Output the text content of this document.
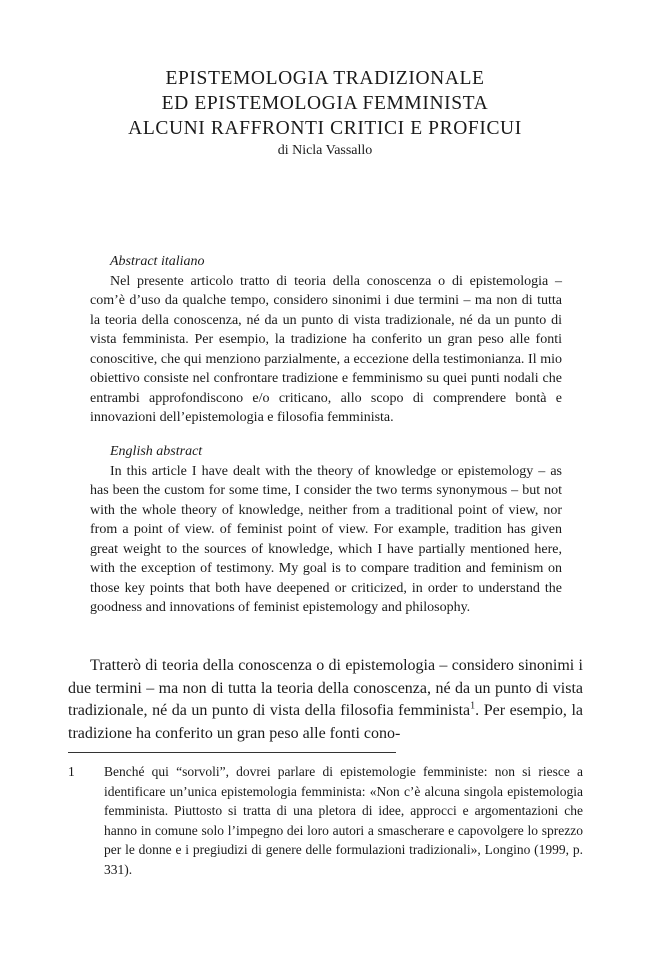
EPISTEMOLOGIA TRADIZIONALE
ED EPISTEMOLOGIA FEMMINISTA
ALCUNI RAFFRONTI CRITICI E PROFICUI
di Nicla Vassallo
Abstract italiano

Nel presente articolo tratto di teoria della conoscenza o di epistemologia – com’è d’uso da qualche tempo, considero sinonimi i due termini – ma non di tutta la teoria della conoscenza, né da un punto di vista tradizionale, né da un punto di vista femminista. Per esempio, la tradizione ha conferito un gran peso alle fonti conoscitive, che qui menziono parzialmente, a eccezione della testimonianza. Il mio obiettivo consiste nel confrontare tradizione e femminismo su quei punti nodali che entrambi approfondiscono e/o criticano, allo scopo di comprendere bontà e innovazioni dell’epistemologia e filosofia femminista.

English abstract

In this article I have dealt with the theory of knowledge or epistemology – as has been the custom for some time, I consider the two terms synonymous – but not with the whole theory of knowledge, neither from a traditional point of view, nor from a point of view. of feminist point of view. For example, tradition has given great weight to the sources of knowledge, which I have partially mentioned here, with the exception of testimony. My goal is to compare tradition and feminism on those key points that both have deepened or criticized, in order to understand the goodness and innovations of feminist epistemology and philosophy.

Tratterò di teoria della conoscenza o di epistemologia – considero sinonimi i due termini – ma non di tutta la teoria della conoscenza, né da un punto di vista tradizionale, né da un punto di vista della filosofia femminista$^1$. Per esempio, la tradizione ha conferito un gran peso alle fonti cono-

1 Benché qui “sorvoli”, dovrei parlare di epistemologie femministe: non si riesce a identificare un’unica epistemologia femminista: «Non c’è alcuna singola epistemologia femminista. Piuttosto si tratta di una pletora di idee, approcci e argomentazioni che hanno in comune solo l’impegno dei loro autori a smascherare e capovolgere lo sprezzo per le donne e i pregiudizi di genere delle formulazioni tradizionali», Longino (1999, p. 331).
